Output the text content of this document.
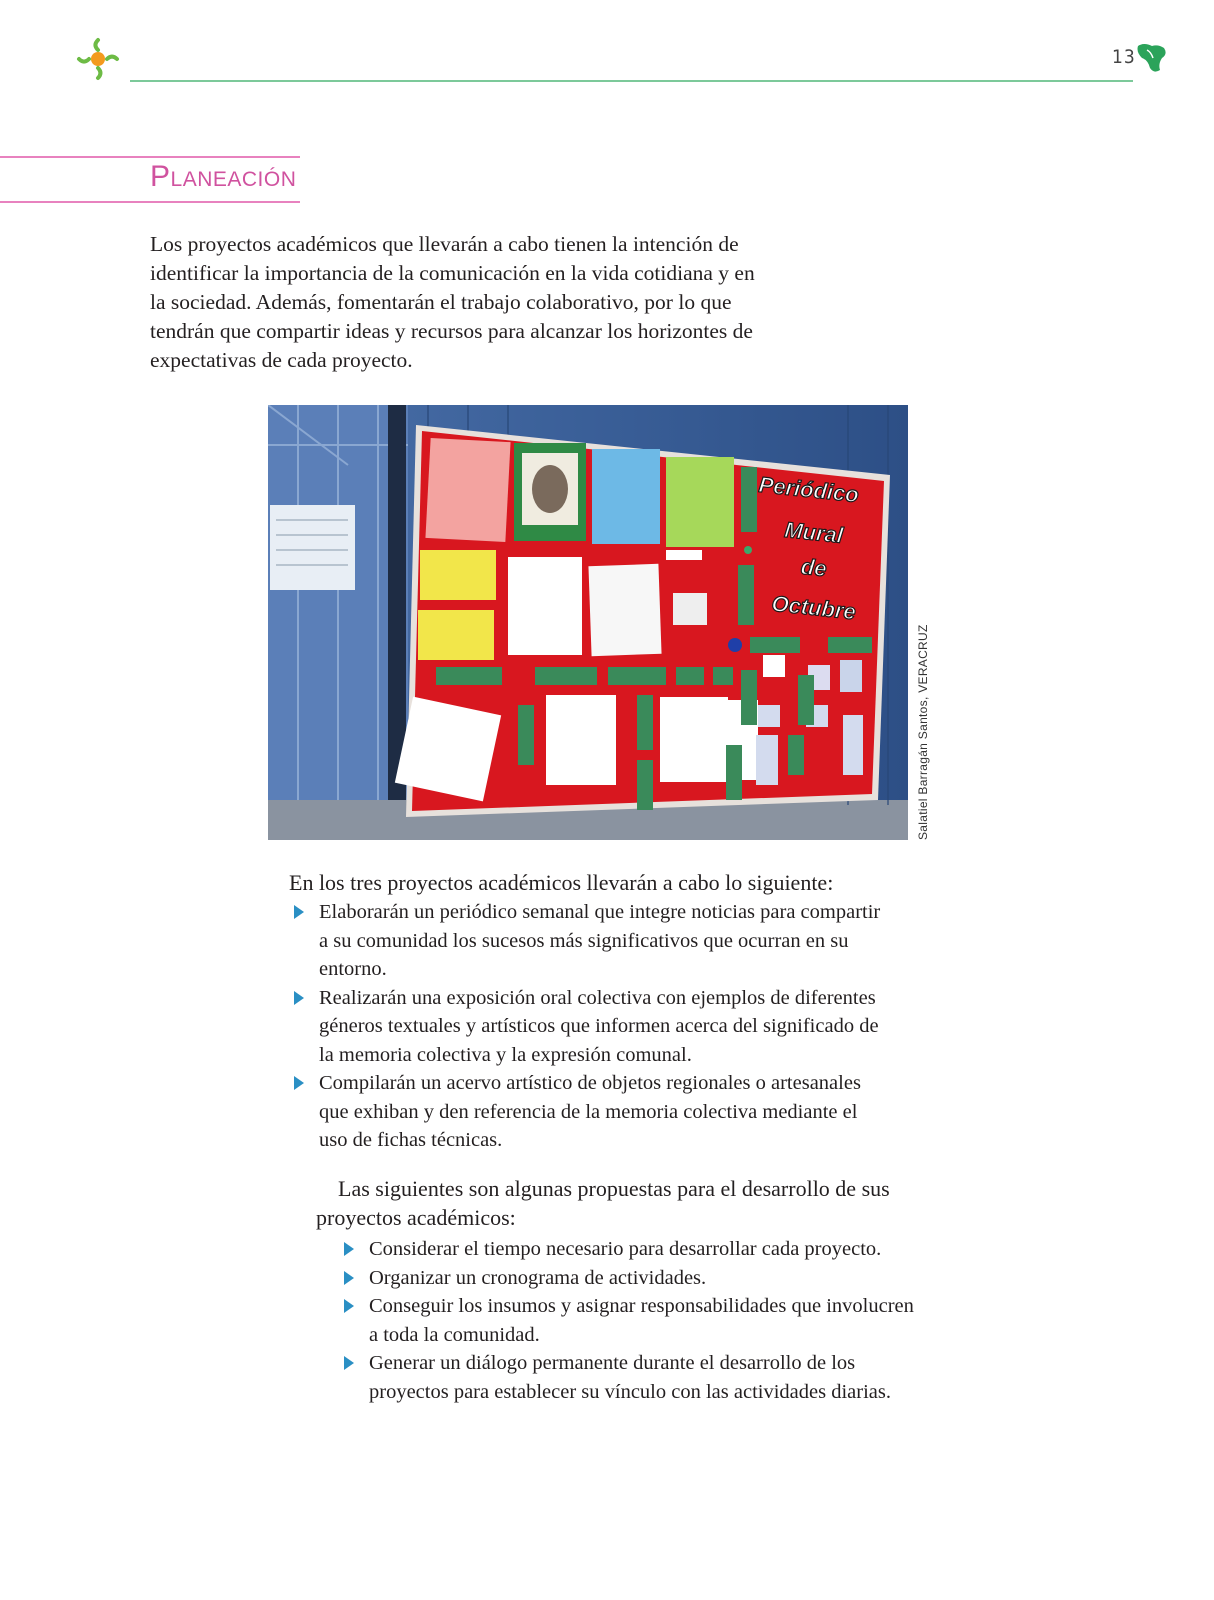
13
Planeación

Los proyectos académicos que llevarán a cabo tienen la intención de identificar la importancia de la comunicación en la vida cotidiana y en la sociedad. Además, fomentarán el trabajo colaborativo, por lo que tendrán que compartir ideas y recursos para alcanzar los horizontes de expectativas de cada proyecto.

Periódico
Mural
de
Octubre
Salatiel Barragán Santos, VERACRUZ
En los tres proyectos académicos llevarán a cabo lo siguiente:
Elaborarán un periódico semanal que integre noticias para compartir a su comunidad los sucesos más significativos que ocurran en su entorno.
Realizarán una exposición oral colectiva con ejemplos de diferentes géneros textuales y artísticos que informen acerca del significado de la memoria colectiva y la expresión comunal.
Compilarán un acervo artístico de objetos regionales o artesanales que exhiban y den referencia de la memoria colectiva mediante el uso de fichas técnicas.
Las siguientes son algunas propuestas para el desarrollo de sus proyectos académicos:
Considerar el tiempo necesario para desarrollar cada proyecto.
Organizar un cronograma de actividades.
Conseguir los insumos y asignar responsabilidades que involucren a toda la comunidad.
Generar un diálogo permanente durante el desarrollo de los proyectos para establecer su vínculo con las actividades diarias.
